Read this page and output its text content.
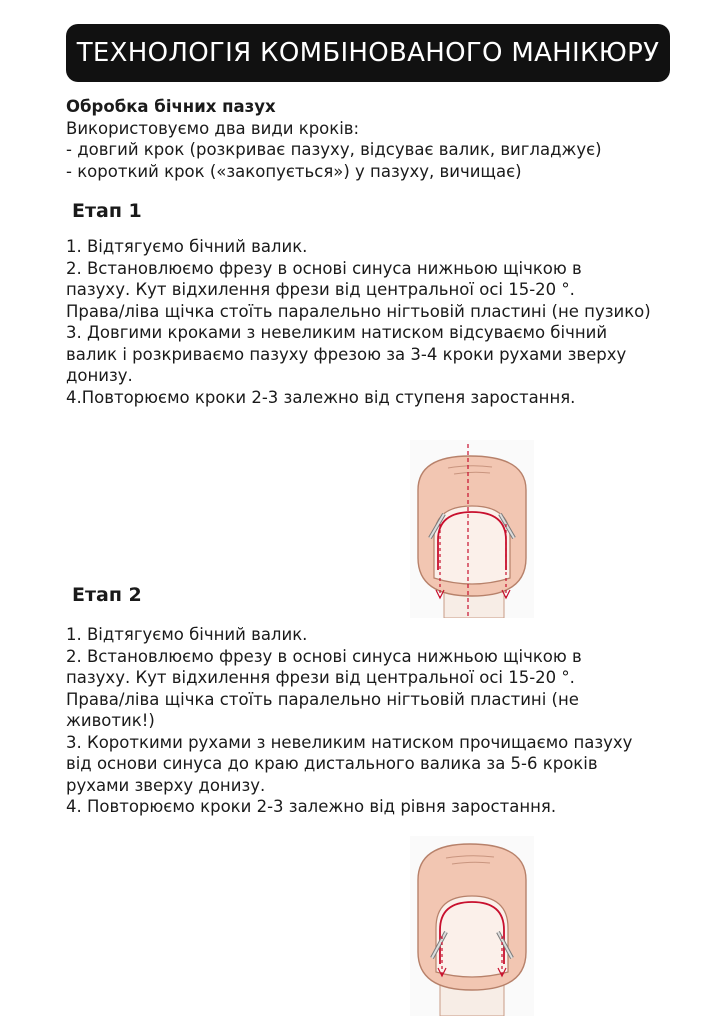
ТЕХНОЛОГІЯ КОМБІНОВАНОГО МАНІКЮРУ
Обробка бічних пазух
Використовуємо два види кроків:
- довгий крок (розкриває пазуху, відсуває валик, вигладжує)
- короткий крок («закопується») у пазуху, вичищає)
Етап 1
1. Відтягуємо бічний валик.
2. Встановлюємо фрезу в основі синуса нижньою щічкою в
пазуху. Кут відхилення фрези від центральної осі 15-20 °.
Права/ліва щічка стоїть паралельно нігтьовій пластині (не пузико)
3. Довгими кроками з невеликим натиском відсуваємо бічний
валик і розкриваємо пазуху фрезою за 3-4 кроки рухами зверху
донизу.
4.Повторюємо кроки 2-3 залежно від ступеня заростання.
Етап 2
1. Відтягуємо бічний валик.
2. Встановлюємо фрезу в основі синуса нижньою щічкою в
пазуху. Кут відхилення фрези від центральної осі 15-20 °.
Права/ліва щічка стоїть паралельно нігтьовій пластині (не
животик!)
3. Короткими рухами з невеликим натиском прочищаємо пазуху
від основи синуса до краю дистального валика за 5-6 кроків
рухами зверху донизу.
4. Повторюємо кроки 2-3 залежно від рівня заростання.
